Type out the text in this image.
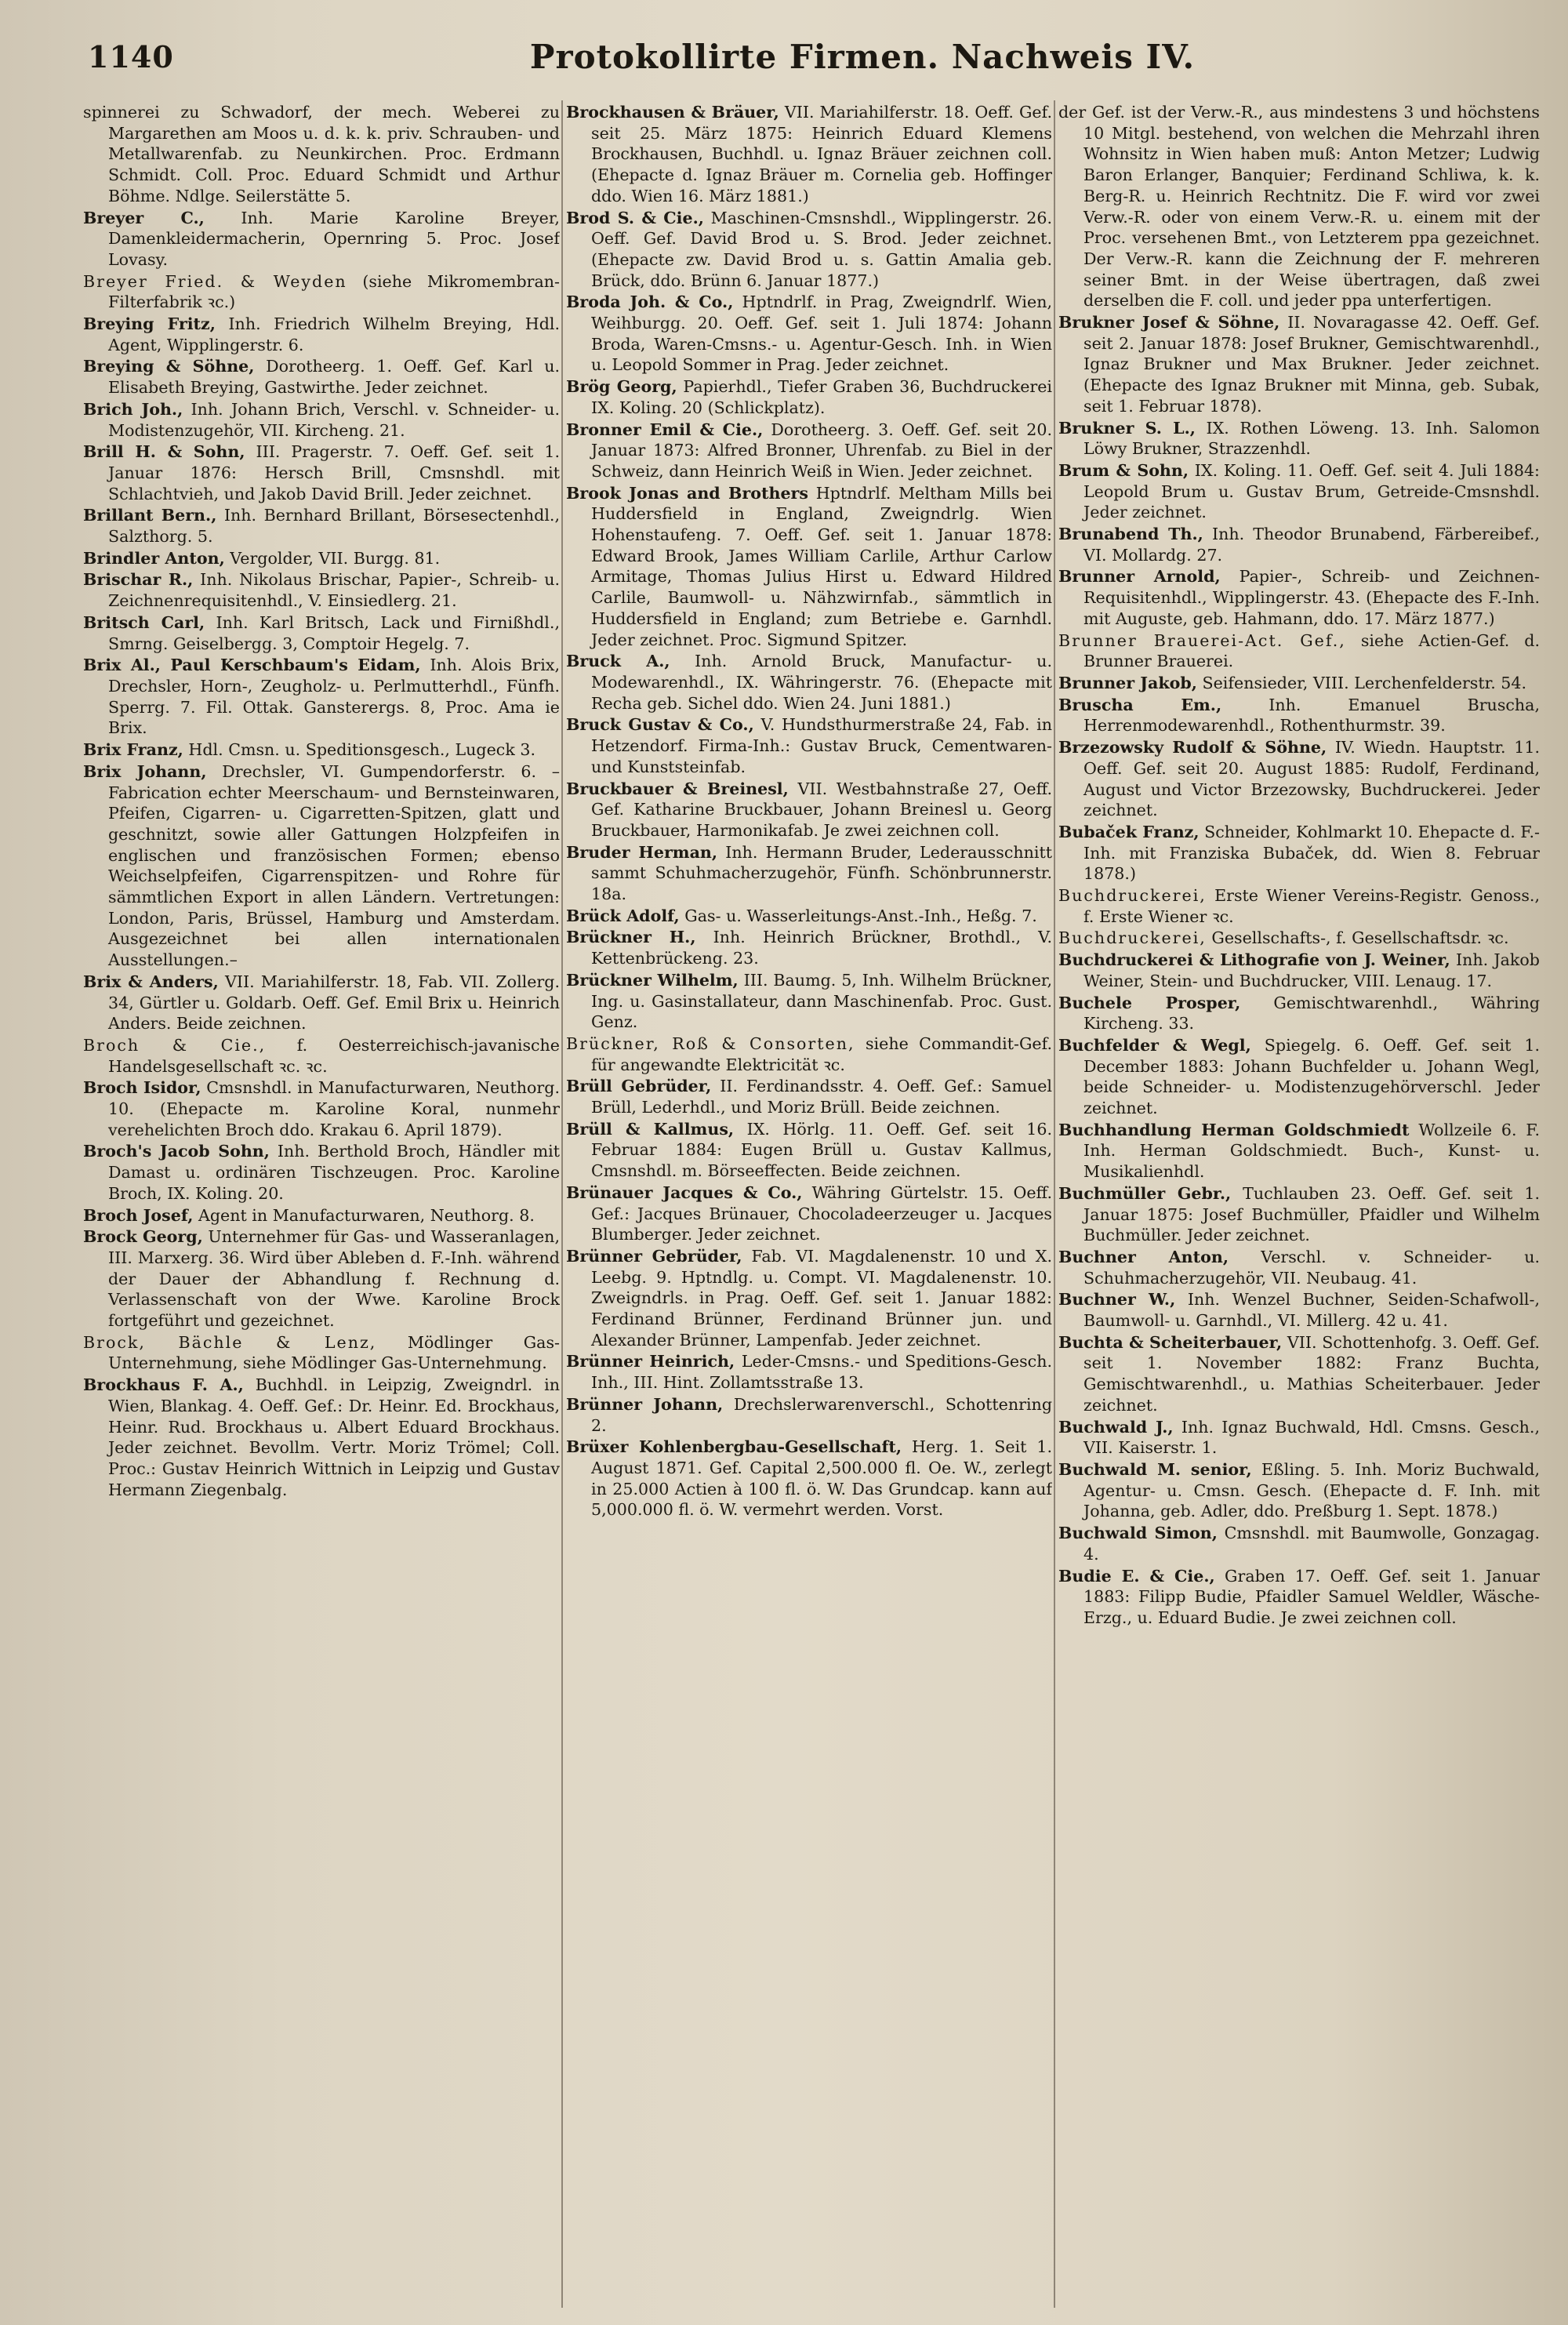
1140	Protokollirte Firmen. Nachweis IV.

spinnerei zu Schwadorf, der mech. Weberei zu Margarethen am Moos u. d. k. k. priv. Schrauben- und Metallwarenfab. zu Neunkirchen. Proc. Erdmann Schmidt. Coll. Proc. Eduard Schmidt und Arthur Böhme. Ndlge. Seilerstätte 5.

Breyer C., Inh. Marie Karoline Breyer, Damenkleidermacherin, Opernring 5. Proc. Josef Lovasy.

Breyer Fried. & Weyden (siehe Mikromembran-Filterfabrik ꝛc.)

Breying Fritz, Inh. Friedrich Wilhelm Breying, Hdl. Agent, Wipplingerstr. 6.

Breying & Söhne, Dorotheerg. 1. Oeff. Gef. Karl u. Elisabeth Breying, Gastwirthe. Jeder zeichnet.

Brich Joh., Inh. Johann Brich, Verschl. v. Schneider- u. Modistenzugehör, VII. Kircheng. 21.

Brill H. & Sohn, III. Pragerstr. 7. Oeff. Gef. seit 1. Januar 1876: Hersch Brill, Cmsnshdl. mit Schlachtvieh, und Jakob David Brill. Jeder zeichnet.

Brillant Bern., Inh. Bernhard Brillant, Börsesectenhdl., Salzthorg. 5.

Brindler Anton, Vergolder, VII. Burgg. 81.

Brischar R., Inh. Nikolaus Brischar, Papier-, Schreib- u. Zeichnenrequisitenhdl., V. Einsiedlerg. 21.

Britsch Carl, Inh. Karl Britsch, Lack und Firnißhdl., Smrng. Geiselbergg. 3, Comptoir Hegelg. 7.

Brix Al., Paul Kerschbaum's Eidam, Inh. Alois Brix, Drechsler, Horn-, Zeugholz- u. Perlmutterhdl., Fünfh. Sperrg. 7. Fil. Ottak. Gansterergs. 8, Proc. Ama ie Brix.

Brix Franz, Hdl. Cmsn. u. Speditionsgesch., Lugeck 3.

Brix Johann, Drechsler, VI. Gumpendorferstr. 6. – Fabrication echter Meerschaum- und Bernsteinwaren, Pfeifen, Cigarren- u. Cigarretten-Spitzen, glatt und geschnitzt, sowie aller Gattungen Holzpfeifen in englischen und französischen Formen; ebenso Weichselpfeifen, Cigarrenspitzen- und Rohre für sämmtlichen Export in allen Ländern. Vertretungen: London, Paris, Brüssel, Hamburg und Amsterdam. Ausgezeichnet bei allen internationalen Ausstellungen.–

Brix & Anders, VII. Mariahilferstr. 18, Fab. VII. Zollerg. 34, Gürtler u. Goldarb. Oeff. Gef. Emil Brix u. Heinrich Anders. Beide zeichnen.

Broch & Cie., f. Oesterreichisch-javanische Handelsgesellschaft ꝛc. ꝛc.

Broch Isidor, Cmsnshdl. in Manufacturwaren, Neuthorg. 10. (Ehepacte m. Karoline Koral, nunmehr verehelichten Broch ddo. Krakau 6. April 1879).

Broch's Jacob Sohn, Inh. Berthold Broch, Händler mit Damast u. ordinären Tischzeugen. Proc. Karoline Broch, IX. Koling. 20.

Broch Josef, Agent in Manufacturwaren, Neuthorg. 8.

Brock Georg, Unternehmer für Gas- und Wasseranlagen, III. Marxerg. 36. Wird über Ableben d. F.-Inh. während der Dauer der Abhandlung f. Rechnung d. Verlassenschaft von der Wwe. Karoline Brock fortgeführt und gezeichnet.

Brock, Bächle & Lenz, Mödlinger Gas-Unternehmung, siehe Mödlinger Gas-Unternehmung.

Brockhaus F. A., Buchhdl. in Leipzig, Zweigndrl. in Wien, Blankag. 4. Oeff. Gef.: Dr. Heinr. Ed. Brockhaus, Heinr. Rud. Brockhaus u. Albert Eduard Brockhaus. Jeder zeichnet. Bevollm. Vertr. Moriz Trömel; Coll. Proc.: Gustav Heinrich Wittnich in Leipzig und Gustav Hermann Ziegenbalg.

Brockhausen & Bräuer, VII. Mariahilferstr. 18. Oeff. Gef. seit 25. März 1875: Heinrich Eduard Klemens Brockhausen, Buchhdl. u. Ignaz Bräuer zeichnen coll. (Ehepacte d. Ignaz Bräuer m. Cornelia geb. Hoffinger ddo. Wien 16. März 1881.)

Brod S. & Cie., Maschinen-Cmsnshdl., Wipplingerstr. 26. Oeff. Gef. David Brod u. S. Brod. Jeder zeichnet. (Ehepacte zw. David Brod u. s. Gattin Amalia geb. Brück, ddo. Brünn 6. Januar 1877.)

Broda Joh. & Co., Hptndrlf. in Prag, Zweigndrlf. Wien, Weihburgg. 20. Oeff. Gef. seit 1. Juli 1874: Johann Broda, Waren-Cmsns.- u. Agentur-Gesch. Inh. in Wien u. Leopold Sommer in Prag. Jeder zeichnet.

Brög Georg, Papierhdl., Tiefer Graben 36, Buchdruckerei IX. Koling. 20 (Schlickplatz).

Bronner Emil & Cie., Dorotheerg. 3. Oeff. Gef. seit 20. Januar 1873: Alfred Bronner, Uhrenfab. zu Biel in der Schweiz, dann Heinrich Weiß in Wien. Jeder zeichnet.

Brook Jonas and Brothers Hptndrlf. Meltham Mills bei Huddersfield in England, Zweigndrlg. Wien Hohenstaufeng. 7. Oeff. Gef. seit 1. Januar 1878: Edward Brook, James William Carlile, Arthur Carlow Armitage, Thomas Julius Hirst u. Edward Hildred Carlile, Baumwoll- u. Nähzwirnfab., sämmtlich in Huddersfield in England; zum Betriebe e. Garnhdl. Jeder zeichnet. Proc. Sigmund Spitzer.

Bruck A., Inh. Arnold Bruck, Manufactur- u. Modewarenhdl., IX. Währingerstr. 76. (Ehepacte mit Recha geb. Sichel ddo. Wien 24. Juni 1881.)

Bruck Gustav & Co., V. Hundsthurmerstraße 24, Fab. in Hetzendorf. Firma-Inh.: Gustav Bruck, Cementwaren- und Kunststeinfab.

Bruckbauer & Breinesl, VII. Westbahnstraße 27, Oeff. Gef. Katharine Bruckbauer, Johann Breinesl u. Georg Bruckbauer, Harmonikafab. Je zwei zeichnen coll.

Bruder Herman, Inh. Hermann Bruder, Lederausschnitt sammt Schuhmacherzugehör, Fünfh. Schönbrunnerstr. 18a.

Brück Adolf, Gas- u. Wasserleitungs-Anst.-Inh., Heßg. 7.

Brückner H., Inh. Heinrich Brückner, Brothdl., V. Kettenbrückeng. 23.

Brückner Wilhelm, III. Baumg. 5, Inh. Wilhelm Brückner, Ing. u. Gasinstallateur, dann Maschinenfab. Proc. Gust. Genz.

Brückner, Roß & Consorten, siehe Commandit-Gef. für angewandte Elektricität ꝛc.

Brüll Gebrüder, II. Ferdinandsstr. 4. Oeff. Gef.: Samuel Brüll, Lederhdl., und Moriz Brüll. Beide zeichnen.

Brüll & Kallmus, IX. Hörlg. 11. Oeff. Gef. seit 16. Februar 1884: Eugen Brüll u. Gustav Kallmus, Cmsnshdl. m. Börseeffecten. Beide zeichnen.

Brünauer Jacques & Co., Währing Gürtelstr. 15. Oeff. Gef.: Jacques Brünauer, Chocoladeerzeuger u. Jacques Blumberger. Jeder zeichnet.

Brünner Gebrüder, Fab. VI. Magdalenenstr. 10 und X. Leebg. 9. Hptndlg. u. Compt. VI. Magdalenenstr. 10. Zweigndrls. in Prag. Oeff. Gef. seit 1. Januar 1882: Ferdinand Brünner, Ferdinand Brünner jun. und Alexander Brünner, Lampenfab. Jeder zeichnet.

Brünner Heinrich, Leder-Cmsns.- und Speditions-Gesch. Inh., III. Hint. Zollamtsstraße 13.

Brünner Johann, Drechslerwarenverschl., Schottenring 2.

Brüxer Kohlenbergbau-Gesellschaft, Herg. 1. Seit 1. August 1871. Gef. Capital 2,500.000 fl. Oe. W., zerlegt in 25.000 Actien à 100 fl. ö. W. Das Grundcap. kann auf 5,000.000 fl. ö. W. vermehrt werden. Vorst.

der Gef. ist der Verw.-R., aus mindestens 3 und höchstens 10 Mitgl. bestehend, von welchen die Mehrzahl ihren Wohnsitz in Wien haben muß: Anton Metzer; Ludwig Baron Erlanger, Banquier; Ferdinand Schliwa, k. k. Berg-R. u. Heinrich Rechtnitz. Die F. wird vor zwei Verw.-R. oder von einem Verw.-R. u. einem mit der Proc. versehenen Bmt., von Letzterem ppa gezeichnet. Der Verw.-R. kann die Zeichnung der F. mehreren seiner Bmt. in der Weise übertragen, daß zwei derselben die F. coll. und jeder ppa unterfertigen.

Brukner Josef & Söhne, II. Novaragasse 42. Oeff. Gef. seit 2. Januar 1878: Josef Brukner, Gemischtwarenhdl., Ignaz Brukner und Max Brukner. Jeder zeichnet. (Ehepacte des Ignaz Brukner mit Minna, geb. Subak, seit 1. Februar 1878).

Brukner S. L., IX. Rothen Löweng. 13. Inh. Salomon Löwy Brukner, Strazzenhdl.

Brum & Sohn, IX. Koling. 11. Oeff. Gef. seit 4. Juli 1884: Leopold Brum u. Gustav Brum, Getreide-Cmsnshdl. Jeder zeichnet.

Brunabend Th., Inh. Theodor Brunabend, Färbereibef., VI. Mollardg. 27.

Brunner Arnold, Papier-, Schreib- und Zeichnen-Requisitenhdl., Wipplingerstr. 43. (Ehepacte des F.-Inh. mit Auguste, geb. Hahmann, ddo. 17. März 1877.)

Brunner Brauerei-Act. Gef., siehe Actien-Gef. d. Brunner Brauerei.

Brunner Jakob, Seifensieder, VIII. Lerchenfelderstr. 54.

Bruscha Em.,	Inh. Emanuel Bruscha, Herrenmodewarenhdl., Rothenthurmstr. 39.

Brzezowsky Rudolf & Söhne, IV. Wiedn. Hauptstr. 11. Oeff. Gef. seit 20. August 1885: Rudolf, Ferdinand, August und Victor Brzezowsky, Buchdruckerei. Jeder zeichnet.

Bubaček Franz, Schneider, Kohlmarkt 10. Ehepacte d. F.-Inh. mit Franziska Bubaček, dd. Wien 8. Februar 1878.)

Buchdruckerei, Erste Wiener Vereins-Registr. Genoss., f. Erste Wiener ꝛc.

Buchdruckerei, Gesellschafts-, f. Gesellschaftsdr. ꝛc.

Buchdruckerei & Lithografie von J. Weiner, Inh. Jakob Weiner, Stein- und Buchdrucker, VIII. Lenaug. 17.

Buchele Prosper, Gemischtwarenhdl., Währing Kircheng. 33.

Buchfelder & Wegl, Spiegelg. 6. Oeff. Gef. seit 1. December 1883: Johann Buchfelder u. Johann Wegl, beide Schneider- u. Modistenzugehörverschl. Jeder zeichnet.

Buchhandlung Herman Goldschmiedt Wollzeile 6. F. Inh. Herman Goldschmiedt. Buch-, Kunst- u. Musikalienhdl.

Buchmüller Gebr., Tuchlauben 23. Oeff. Gef. seit 1. Januar 1875: Josef Buchmüller, Pfaidler und Wilhelm Buchmüller. Jeder zeichnet.

Buchner Anton, Verschl. v. Schneider- u. Schuhmacherzugehör, VII. Neubaug. 41.

Buchner W., Inh. Wenzel Buchner, Seiden-Schafwoll-, Baumwoll- u. Garnhdl., VI. Millerg. 42 u. 41.

Buchta & Scheiterbauer, VII. Schottenhofg. 3. Oeff. Gef. seit 1. November 1882: Franz Buchta, Gemischtwarenhdl., u. Mathias Scheiterbauer. Jeder zeichnet.

Buchwald J., Inh. Ignaz Buchwald, Hdl. Cmsns. Gesch., VII. Kaiserstr. 1.

Buchwald M. senior, Eßling. 5. Inh. Moriz Buchwald, Agentur- u. Cmsn. Gesch. (Ehepacte d. F. Inh. mit Johanna, geb. Adler, ddo. Preßburg 1. Sept. 1878.)

Buchwald Simon, Cmsnshdl. mit Baumwolle, Gonzagag. 4.

Budie E. & Cie., Graben 17. Oeff. Gef. seit 1. Januar 1883: Filipp Budie, Pfaidler Samuel Weldler, Wäsche-Erzg., u. Eduard Budie. Je zwei zeichnen coll.
